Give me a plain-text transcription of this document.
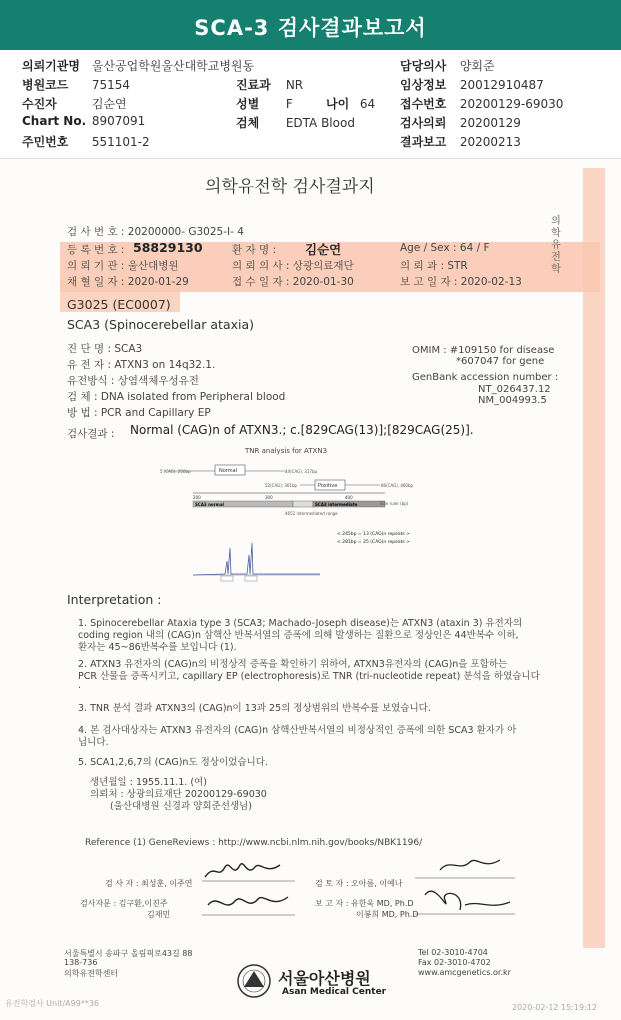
SCA-3 검사결과보고서
의뢰기관명 울산공업학원울산대학교병원동
병원코드 75154
수진자	김순연
Chart No. 8907091
주민번호 551101-2
진료과 NR
성별 F	나이 64
검체 EDTA Blood
담당의사 양회준
임상정보 20012910487
접수번호 20200129-69030
검사의뢰 20200129
결과보고 20200213
의학유전학 검사결과지
의학유전학
검 사 번 호 : 20200000- G3025-I- 4
등 록 번 호 : 58829130	환 자 명 : 김순연	Age / Sex : 64 / F
의 뢰 기 관 : 울산대병원	의 뢰 의 사 : 상광의료재단	의 뢰 과 : STR
채 혈 일 자 : 2020-01-29	접 수 일 자 : 2020-01-30	보 고 일 자 : 2020-02-13
G3025 (EC0007)
SCA3 (Spinocerebellar ataxia)
진 단 명 : SCA3
유 전 자 : ATXN3 on 14q32.1.
유전방식 : 상염색체우성유전
검 체 : DNA isolated from Peripheral blood
방 법 : PCR and Capillary EP
OMIM : #109150 for disease
*607047 for gene
GenBank accession number :
NT_026437.12
NM_004993.5
검사결과 : Normal (CAG)n of ATXN3.; c.[829CAG(13)];[829CAG(25)].
TNR analysis for ATXN3
Normal
5'(CAG), 200bp	44(CAG), 317bp
Positive
52(CAG), 361bp	86(CAG), 460bp
200	300	400
SCA3 normal	SCA3 intermediate	Size ruler (bp)
4652 intermediated range
< 245bp = 13 (CAG)n repeats >
< 281bp = 25 (CAG)n repeats >
Interpretation :
1. Spinocerebellar Ataxia type 3 (SCA3; Machado-Joseph disease)는 ATXN3 (ataxin 3) 유전자의
coding region 내의 (CAG)n 삼핵산 반복서열의 증폭에 의해 발생하는 질환으로 정상인은 44반복수 이하,
환자는 45~86반복수를 보입니다 (1).
2. ATXN3 유전자의 (CAG)n의 비정상적 증폭을 확인하기 위하여, ATXN3유전자의 (CAG)n을 포함하는
PCR 산물을 증폭시키고, capillary EP (electrophoresis)로 TNR (tri-nucleotide repeat) 분석을 하였습니다
.
3. TNR 분석 결과 ATXN3의 (CAG)n이 13과 25의 정상범위의 반복수를 보였습니다.
4. 본 검사대상자는 ATXN3 유전자의 (CAG)n 삼핵산반복서열의 비정상적인 증폭에 의한 SCA3 환자가 아
닙니다.
5. SCA1,2,6,7의 (CAG)n도 정상이었습니다.
생년월일 : 1955.11.1. (여)
의뢰처 : 상광의료재단 20200129-69030
(울산대병원 신경과 양회준선생님)
Reference (1) GeneReviews : http://www.ncbi.nlm.nih.gov/books/NBK1196/
검 사 자 : 최성훈, 이주연
검사자문 : 김구환,이진주
김재민
검 토 자 : 오아름, 이예나
보 고 자 : 유한욱 MD, Ph.D
이봉희 MD, Ph.D
서울특별시 송파구 올림픽로43길 88
138-736
의학유전학센터	서울아산병원
Asan Medical Center
Tel 02-3010-4704
Fax 02-3010-4702
www.amcgenetics.or.kr
유전학검사 Unit/A99**36	2020-02-12 15:19:12
